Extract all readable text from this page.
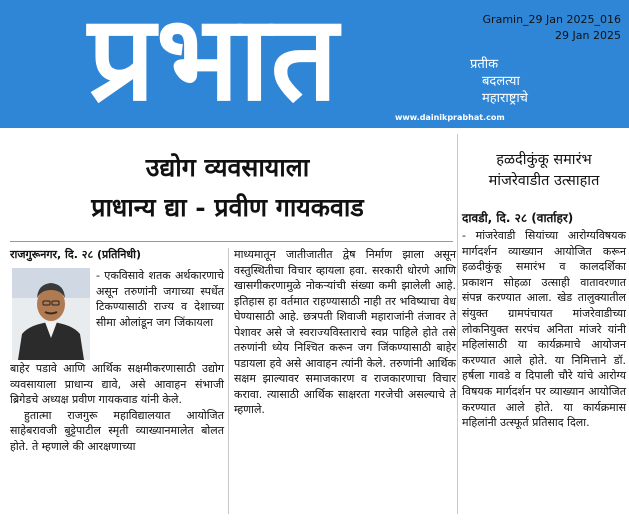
प्रभात	प्रतीक
बदलत्या
महाराष्ट्राचे
www.dainikprabhat.com
Gramin_29 Jan 2025_016
29 Jan 2025
उद्योग व्यवसायाला
प्राधान्य द्या - प्रवीण गायकवाड
राजगुरूनगर, दि. २८ (प्रतिनिधी)

- एकविसावे शतक अर्थकारणाचे असून तरुणांनी जगाच्या स्पर्धेत टिकण्यासाठी राज्य व देशाच्या सीमा ओलांडून जग जिंकायला

बाहेर पडावे आणि आर्थिक सक्षमीकरणासाठी उद्योग व्यवसायाला प्राधान्य द्यावे, असे आवाहन संभाजी ब्रिगेडचे अध्यक्ष प्रवीण गायकवाड यांनी केले.

हुतात्मा राजगुरू महाविद्यालयात आयोजित साहेबरावजी बुट्टेपाटील स्मृती व्याख्यानमालेत बोलत होते. ते म्हणाले की आरक्षणाच्या

माध्यमातून जातीजातीत द्वेष निर्माण झाला असून वस्तुस्थितीचा विचार व्हायला हवा. सरकारी धोरणे आणि खासगीकरणामुळे नोकऱ्यांची संख्या कमी झालेली आहे. इतिहास हा वर्तमात राहण्यासाठी नाही तर भविष्याचा वेध घेण्यासाठी आहे. छत्रपती शिवाजी महाराजांनी तंजावर ते पेशावर असे जे स्वराज्यविस्ताराचे स्वप्न पाहिले होते तसे तरुणांनी ध्येय निश्चित करून जग जिंकण्यासाठी बाहेर पडायला हवे असे आवाहन त्यांनी केले. तरुणांनी आर्थिक सक्षम झाल्यावर समाजकारण व राजकारणाचा विचार करावा. त्यासाठी आर्थिक साक्षरता गरजेची असल्याचे ते म्हणाले.

हळदीकुंकू समारंभ
मांजरेवाडीत उत्साहात
दावडी, दि. २८ (वार्ताहर)

- मांजरेवाडी सियांच्या आरोग्यविषयक मार्गदर्शन व्याख्यान आयोजित करून हळदीकुंकू समारंभ व कालदर्शिका प्रकाशन सोहळा उत्साही वातावरणात संपन्न करण्यात आला. खेड तालुक्यातील संयुक्त ग्रामपंचायत मांजरेवाडीच्या लोकनियुक्त सरपंच अनिता मांजरे यांनी महिलांसाठी या कार्यक्रमाचे आयोजन करण्यात आले होते. या निमित्ताने डॉ. हर्षला गावडे व दिपाली चौरे यांचे आरोग्य विषयक मार्गदर्शन पर व्याख्यान आयोजित करण्यात आले होते. या कार्यक्रमास महिलांनी उत्स्फूर्त प्रतिसाद दिला.
